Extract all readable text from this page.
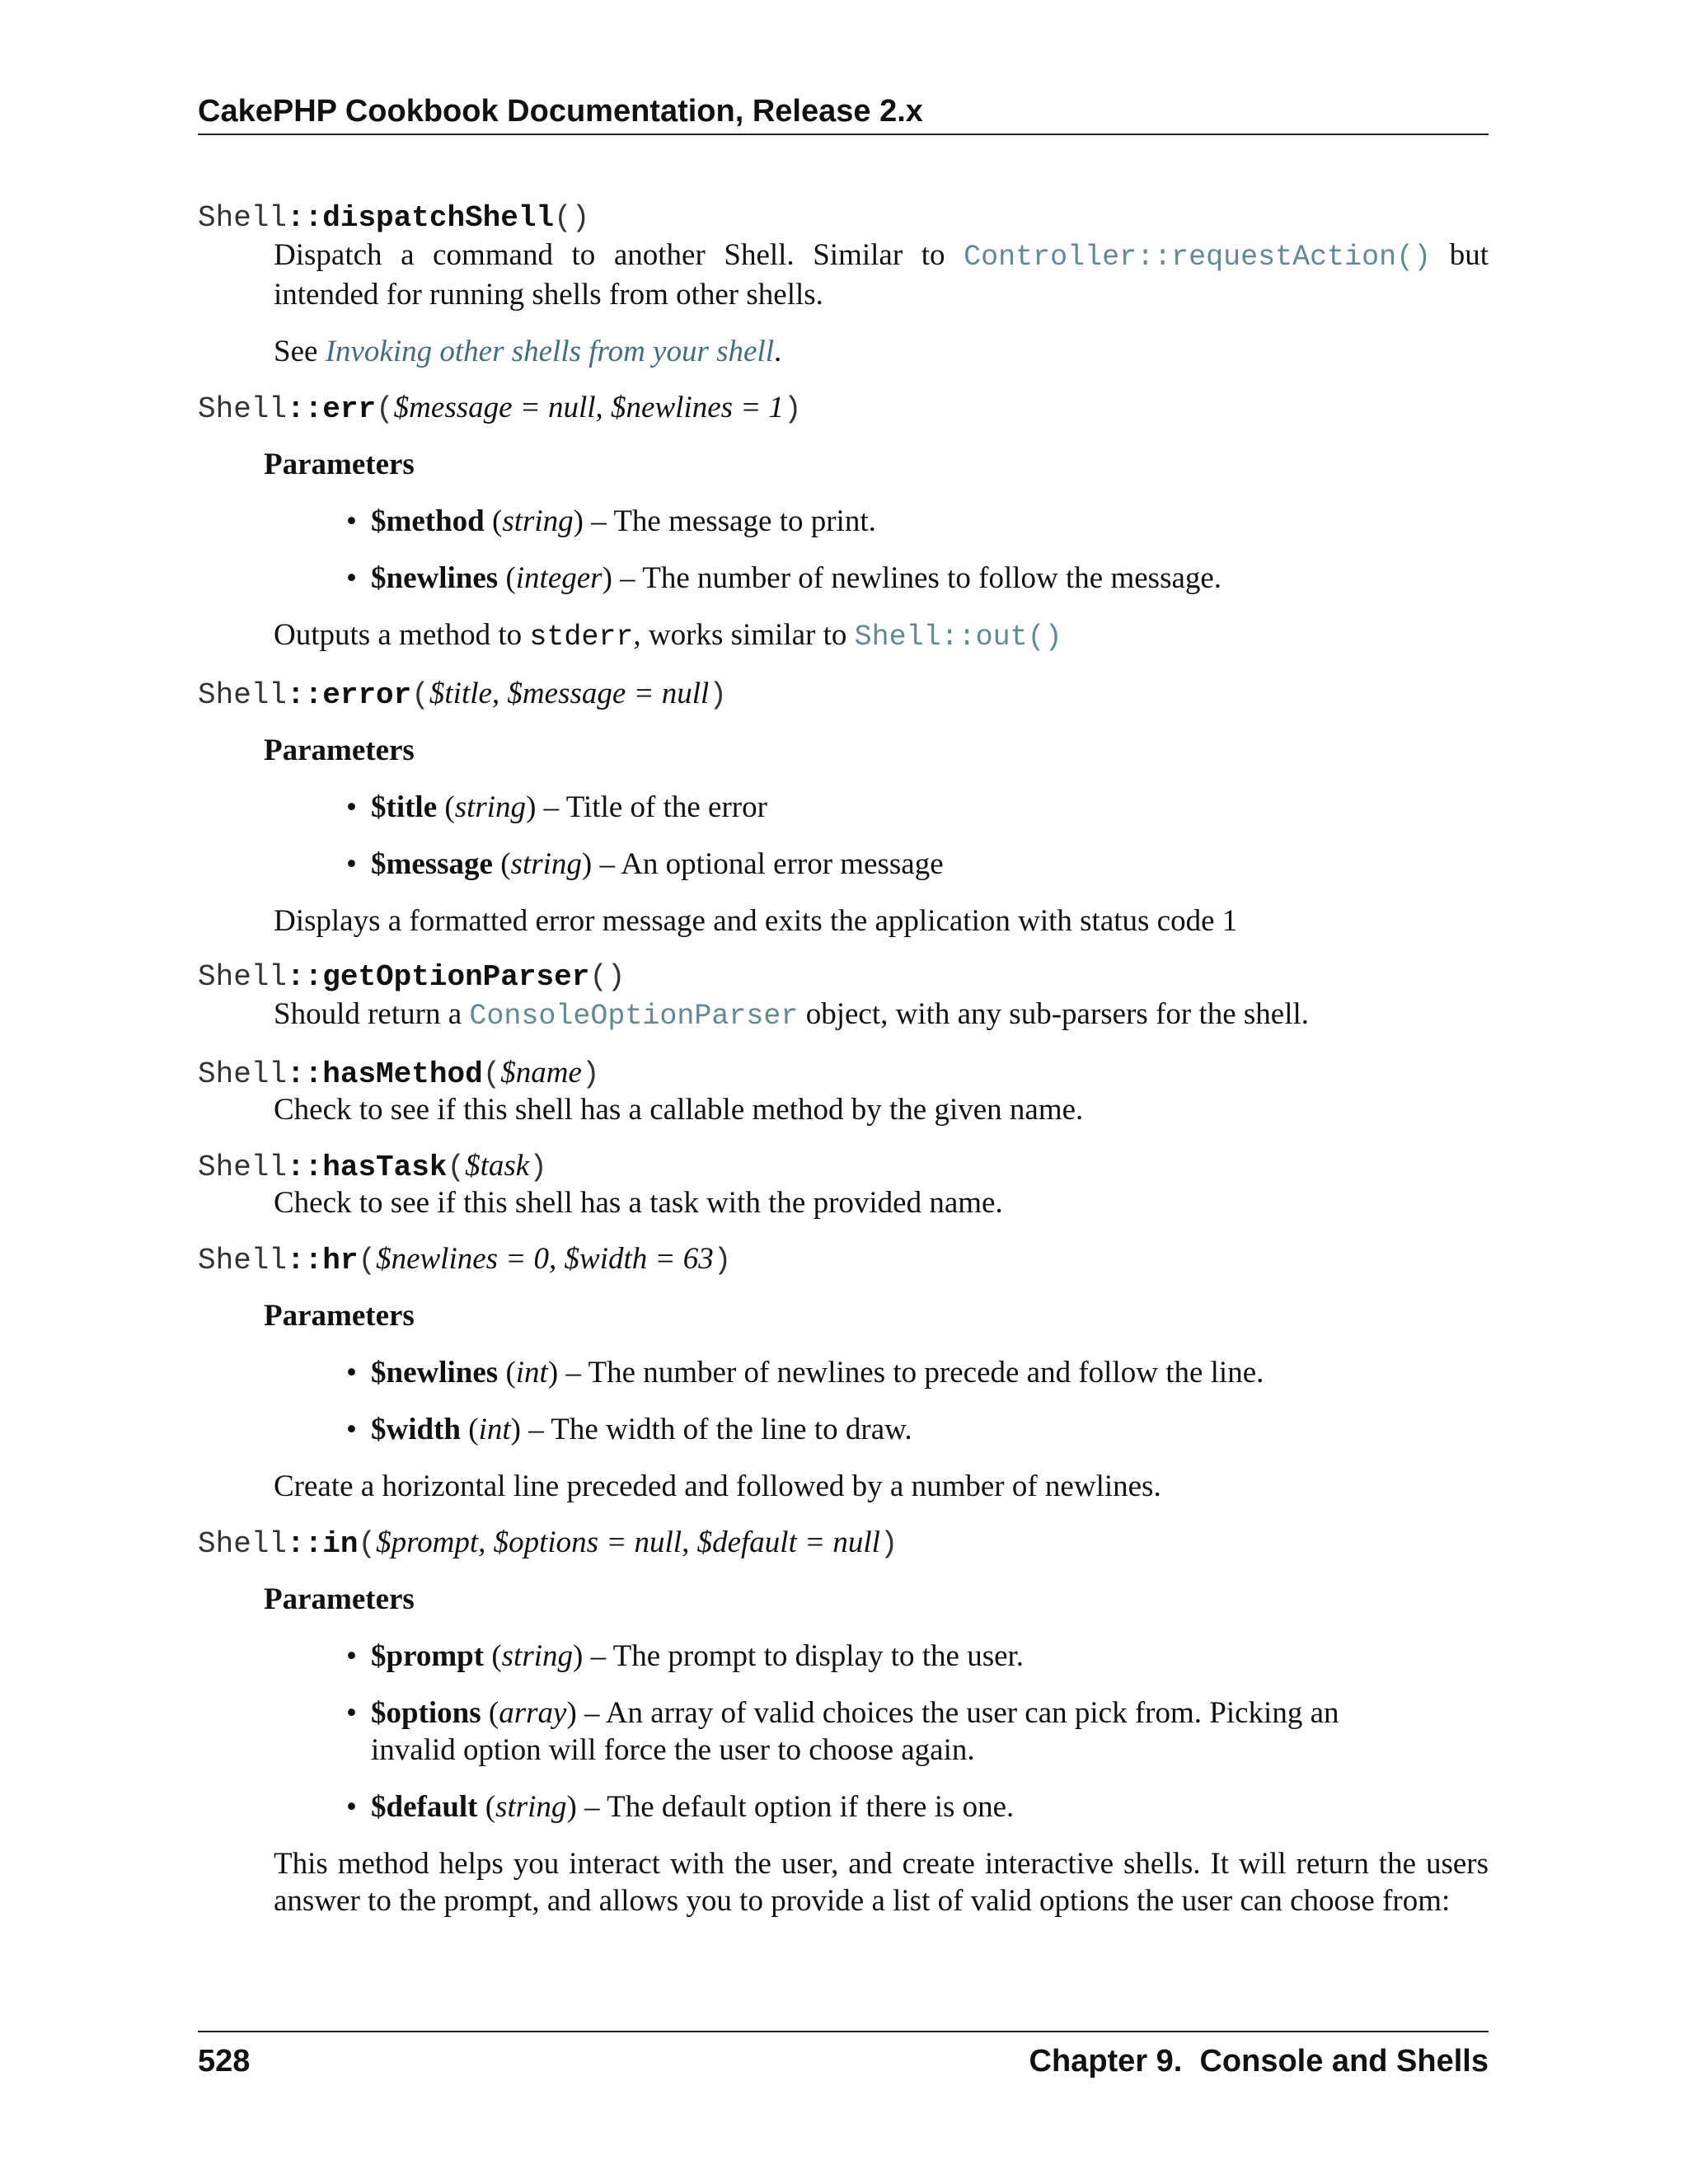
CakePHP Cookbook Documentation, Release 2.x
Shell::dispatchShell()

Dispatch a command to another Shell. Similar to Controller::requestAction() but intended for running shells from other shells.

See Invoking other shells from your shell.

Shell::err($message = null, $newlines = 1)
Parameters
• $method (string) – The message to print.
• $newlines (integer) – The number of newlines to follow the message.

Outputs a method to stderr, works similar to Shell::out()

Shell::error($title, $message = null)
Parameters
• $title (string) – Title of the error
• $message (string) – An optional error message

Displays a formatted error message and exits the application with status code 1

Shell::getOptionParser()

Should return a ConsoleOptionParser object, with any sub-parsers for the shell.

Shell::hasMethod($name)

Check to see if this shell has a callable method by the given name.

Shell::hasTask($task)

Check to see if this shell has a task with the provided name.

Shell::hr($newlines = 0, $width = 63)
Parameters
• $newlines (int) – The number of newlines to precede and follow the line.
• $width (int) – The width of the line to draw.

Create a horizontal line preceded and followed by a number of newlines.

Shell::in($prompt, $options = null, $default = null)
Parameters
• $prompt (string) – The prompt to display to the user.
• $options (array) – An array of valid choices the user can pick from. Picking an invalid option will force the user to choose again.
• $default (string) – The default option if there is one.

This method helps you interact with the user, and create interactive shells. It will return the users answer to the prompt, and allows you to provide a list of valid options the user can choose from:

528	Chapter 9.  Console and Shells
